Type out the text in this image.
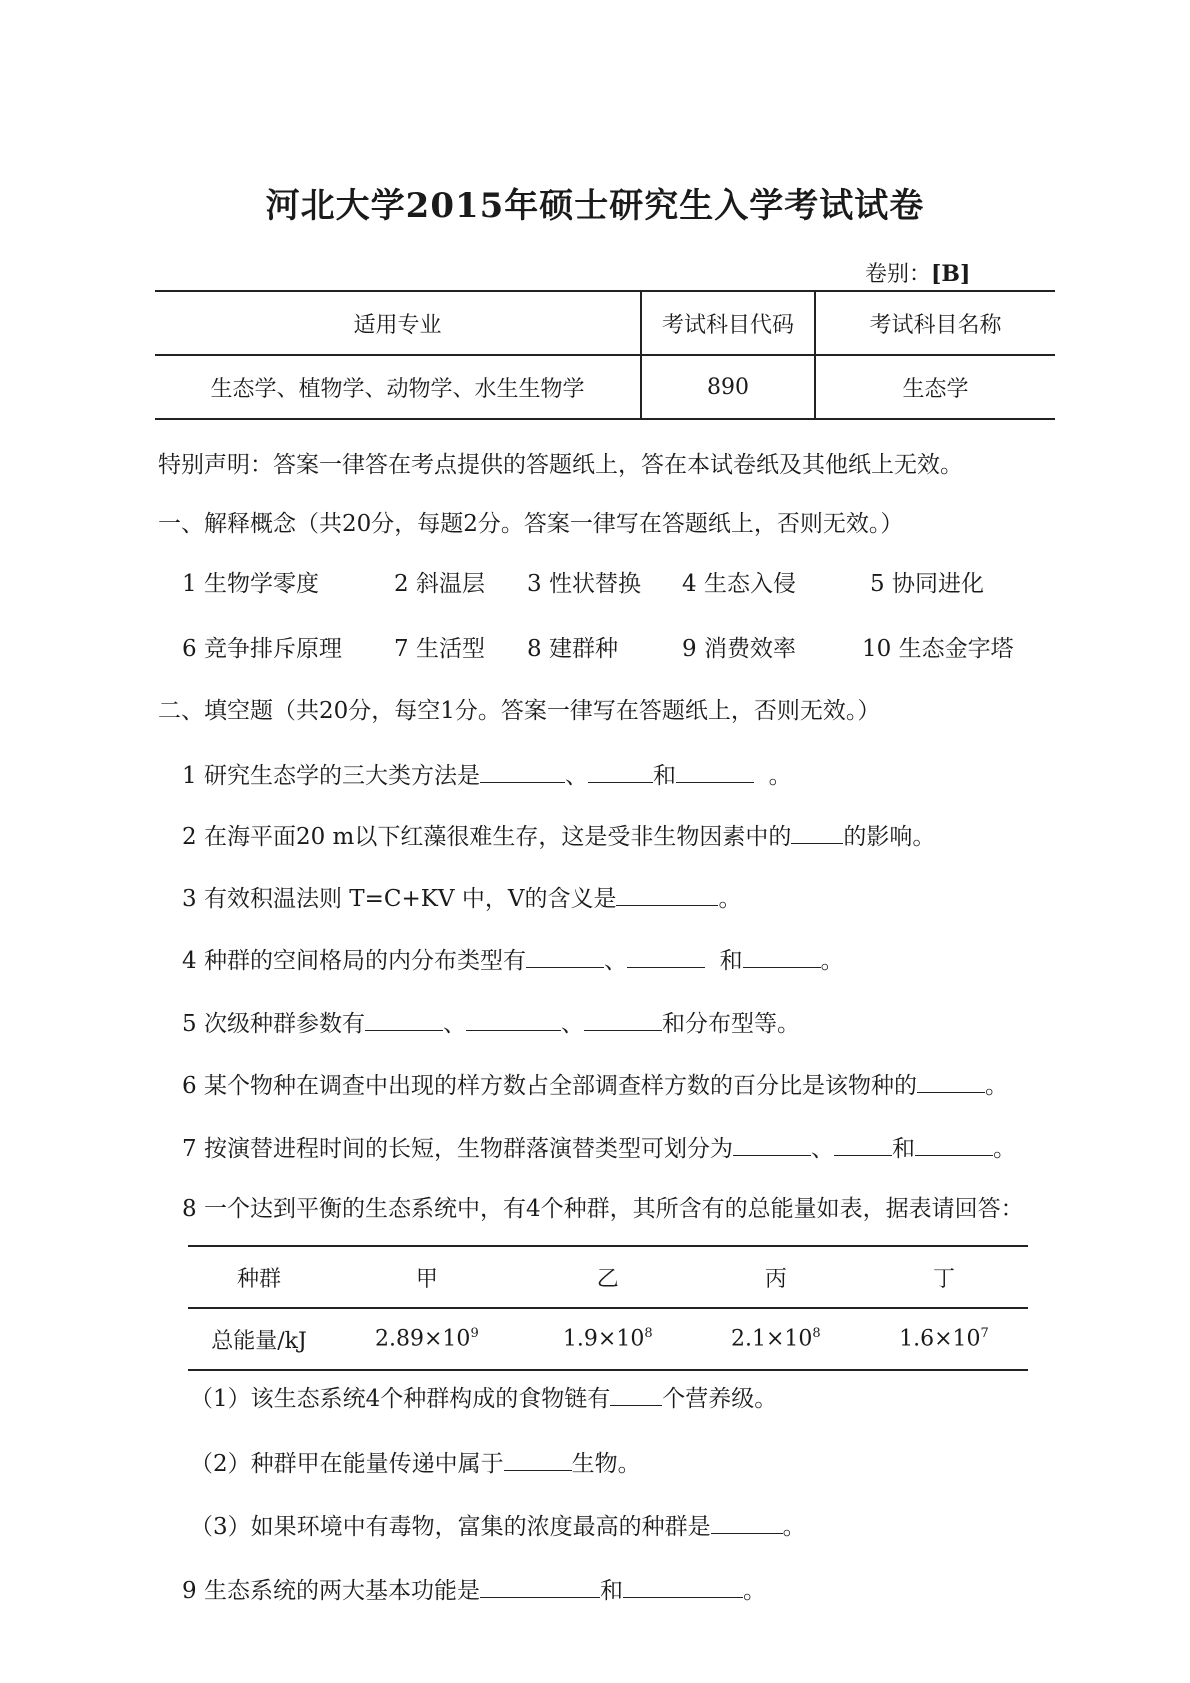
河北大学2015年硕士研究生入学考试试卷
卷别：[B]
适用专业	考试科目代码	考试科目名称
生态学、植物学、动物学、水生生物学	890	生态学
特别声明：答案一律答在考点提供的答题纸上，答在本试卷纸及其他纸上无效。
一、解释概念（共20分，每题2分。答案一律写在答题纸上，否则无效。）
1 生物学零度	2 斜温层 3 性状替换 4 生态入侵	5 协同进化
6 竞争排斥原理 7 生活型 8 建群种	9 消费效率	10 生态金字塔
二、填空题（共20分，每空1分。答案一律写在答题纸上，否则无效。）
1 研究生态学的三大类方法是	、	和	。
2 在海平面20 m以下红藻很难生存，这是受非生物因素中的 的影响。
3 有效积温法则 T=C+KV 中，V的含义是	。
4 种群的空间格局的内分布类型有	、	和	。
5 次级种群参数有	、	、	和分布型等。
6 某个物种在调查中出现的样方数占全部调查样方数的百分比是该物种的	。
7 按演替进程时间的长短，生物群落演替类型可划分为	、	和	。
8 一个达到平衡的生态系统中，有4个种群，其所含有的总能量如表，据表请回答：
种群	甲	乙	丙	丁
总能量/kJ	$2.89\times 10^9$	$1.9\times 10^8$	$2.1\times 10^8$	$1.6\times 10^7$
（1）该生态系统4个种群构成的食物链有 个营养级。
（2）种群甲在能量传递中属于	生物。
（3）如果环境中有毒物，富集的浓度最高的种群是	。
9 生态系统的两大基本功能是	和	。
